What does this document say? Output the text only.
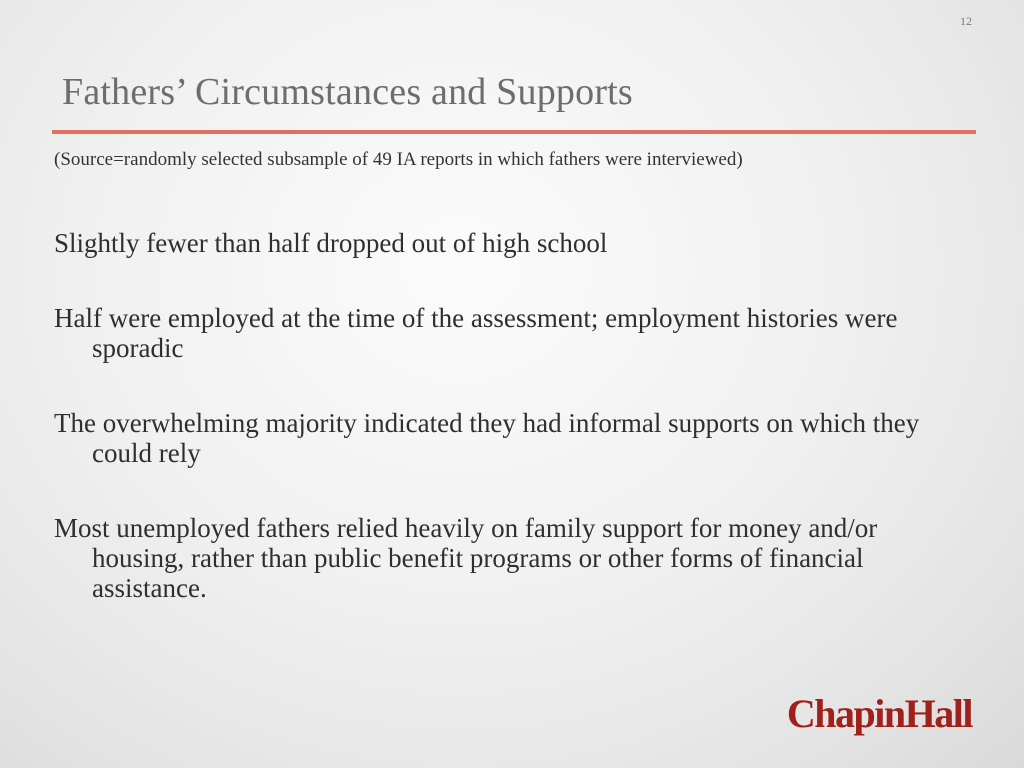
12
Fathers’ Circumstances and Supports
(Source=randomly selected subsample of 49 IA reports in which fathers were interviewed)
Slightly fewer than half dropped out of high school
Half were employed at the time of the assessment; employment histories were sporadic
The overwhelming majority indicated they had informal supports on which they could rely
Most unemployed fathers relied heavily on family support for money and/or housing, rather than public benefit programs or other forms of financial assistance.
ChapinHall
